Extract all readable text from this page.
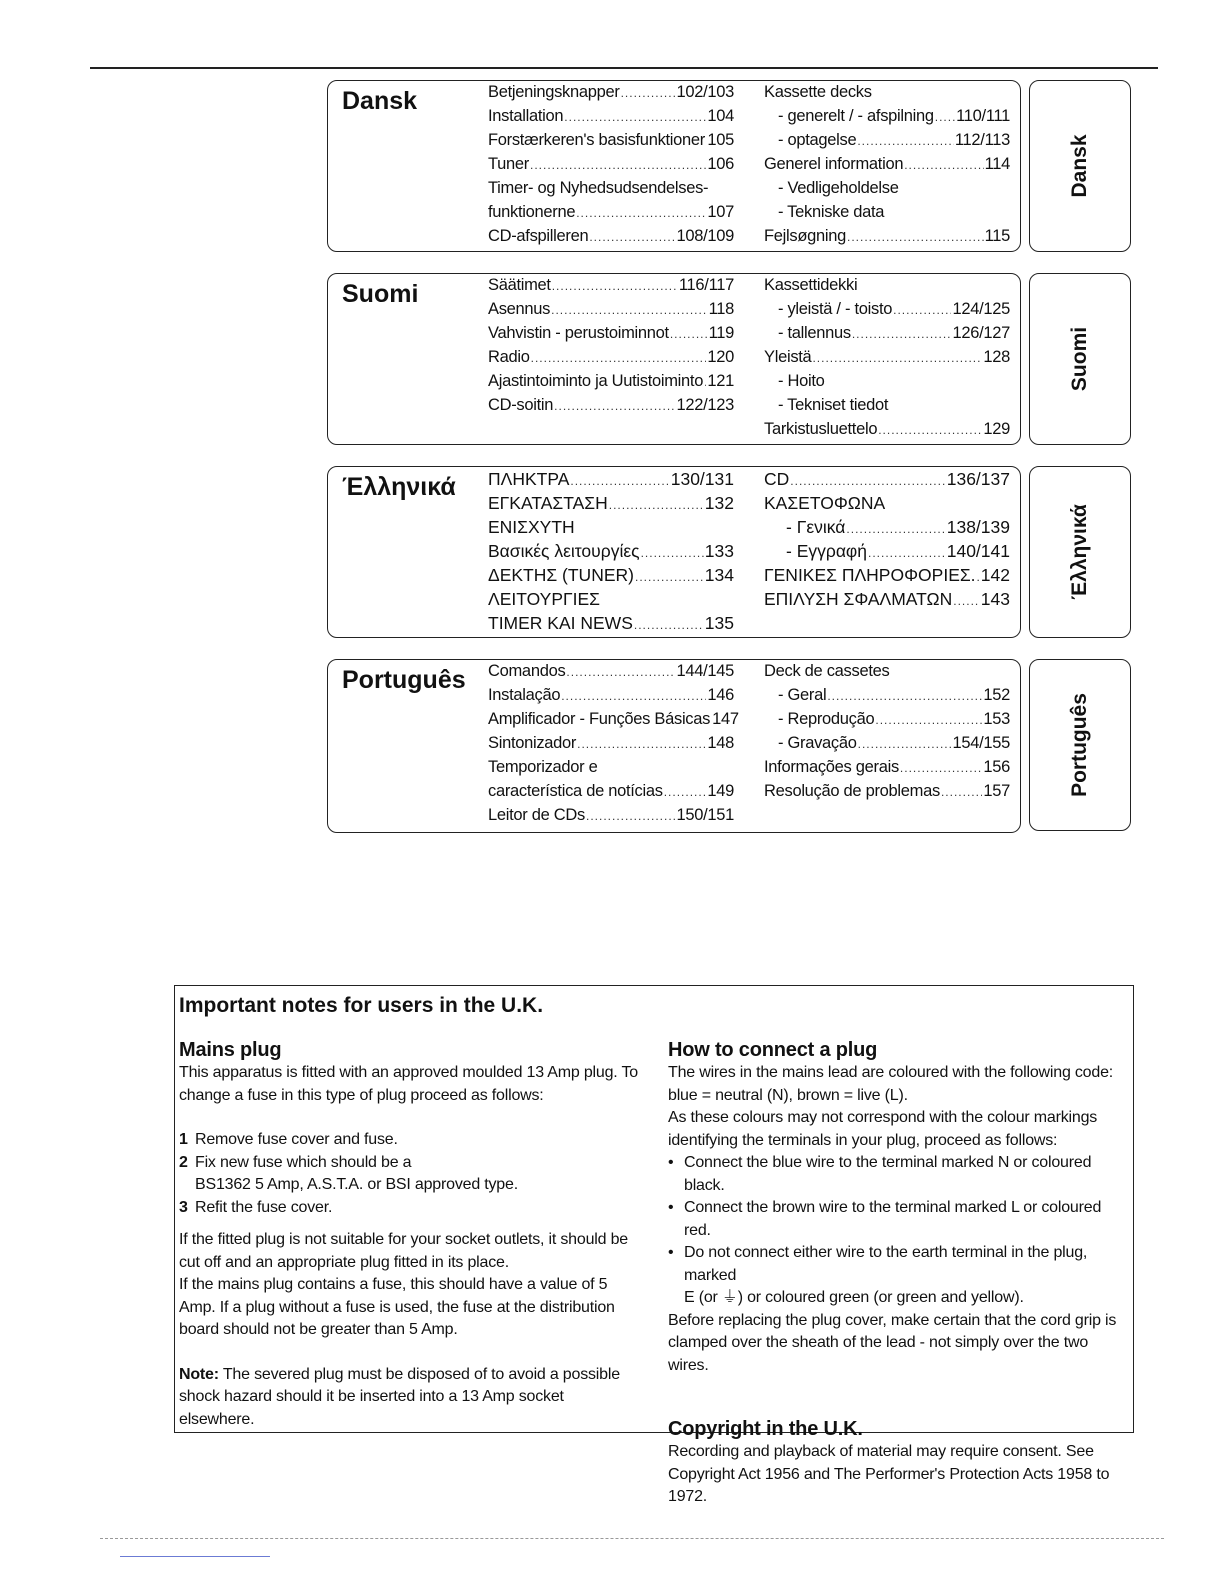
Dansk	Betjeningsknapper .....	102/103
Installation .....	104
Forstærkeren's basisfunktioner ..... 105
Tuner .....	106
Timer- og Nyhedsudsendelses-
funktionerne .....	107
CD-afspilleren .....	108/109
Kassette decks
- generelt / - afspilning ..... 110/111
- optagelse .....	112/113
Generel information .....	114
- Vedligeholdelse
- Tekniske data
Fejlsøgning .....	115
Dansk
Suomi	Säätimet .....	116/117
Asennus .....	118
Vahvistin - perustoiminnot ..... 119
Radio .....	120
Ajastintoiminto ja Uutistoiminto ..... 121
CD-soitin .....	122/123
Kassettidekki
- yleistä / - toisto .....	124/125
- tallennus .....	126/127
Yleistä .....	128
- Hoito
- Tekniset tiedot
Tarkistusluettelo .....	129
Suomi
Έλληνικά ΠΛΗΚΤΡΑ .....	130/131
ΕΓΚΑΤΑΣΤΑΣΗ .....	132
ΕΝΙΣΧΥΤΗ
Βασικές λειτουργίες .....	133
ΔΕΚΤΗΣ (TUNER) .....	134
ΛΕΙΤΟΥΡΓΙΕΣ
TIMER ΚΑΙ NEWS .....	135
CD .....	136/137
ΚΑΣΕΤΟΦΩΝΑ
- Γενικά .....	138/139
- Εγγραφή .....	140/141
ΓΕΝΙΚΕΣ ΠΛΗΡΟΦΟΡΙΕΣ. ..... 142
ΕΠΙΛΥΣΗ ΣΦΑΛΜΑΤΩΝ ..... 143	Έλληνικά
Português Comandos .....	144/145
Instalação .....	146
Amplificador - Funções Básicas 147
Sintonizador .....	148
Temporizador e
característica de notícias .....	149
Leitor de CDs .....	150/151
Deck de cassetes
- Geral .....	152
- Reprodução .....	153
- Gravação .....	154/155
Informações gerais .....	156
Resolução de problemas .....	157	Português
Important notes for users in the U.K.
Mains plug

This apparatus is fitted with an approved moulded 13 Amp plug. To change a fuse in this type of plug proceed as follows:

1 Remove fuse cover and fuse.

2 Fix new fuse which should be a

BS1362 5 Amp, A.S.T.A. or BSI approved type.

3 Refit the fuse cover.

If the fitted plug is not suitable for your socket outlets, it should be cut off and an appropriate plug fitted in its place.

If the mains plug contains a fuse, this should have a value of 5 Amp. If a plug without a fuse is used, the fuse at the distribution board should not be greater than 5 Amp.

Note: The severed plug must be disposed of to avoid a possible shock hazard should it be inserted into a 13 Amp socket elsewhere.

How to connect a plug

The wires in the mains lead are coloured with the following code: blue = neutral (N), brown = live (L).

As these colours may not correspond with the colour markings identifying the terminals in your plug, proceed as follows:

• Connect the blue wire to the terminal marked N or coloured black.

• Connect the brown wire to the terminal marked L or coloured red.

• Do not connect either wire to the earth terminal in the plug, marked

E (or ⏚) or coloured green (or green and yellow).

Before replacing the plug cover, make certain that the cord grip is clamped over the sheath of the lead - not simply over the two wires.

Copyright in the U.K.

Recording and playback of material may require consent. See Copyright Act 1956 and The Performer's Protection Acts 1958 to 1972.
